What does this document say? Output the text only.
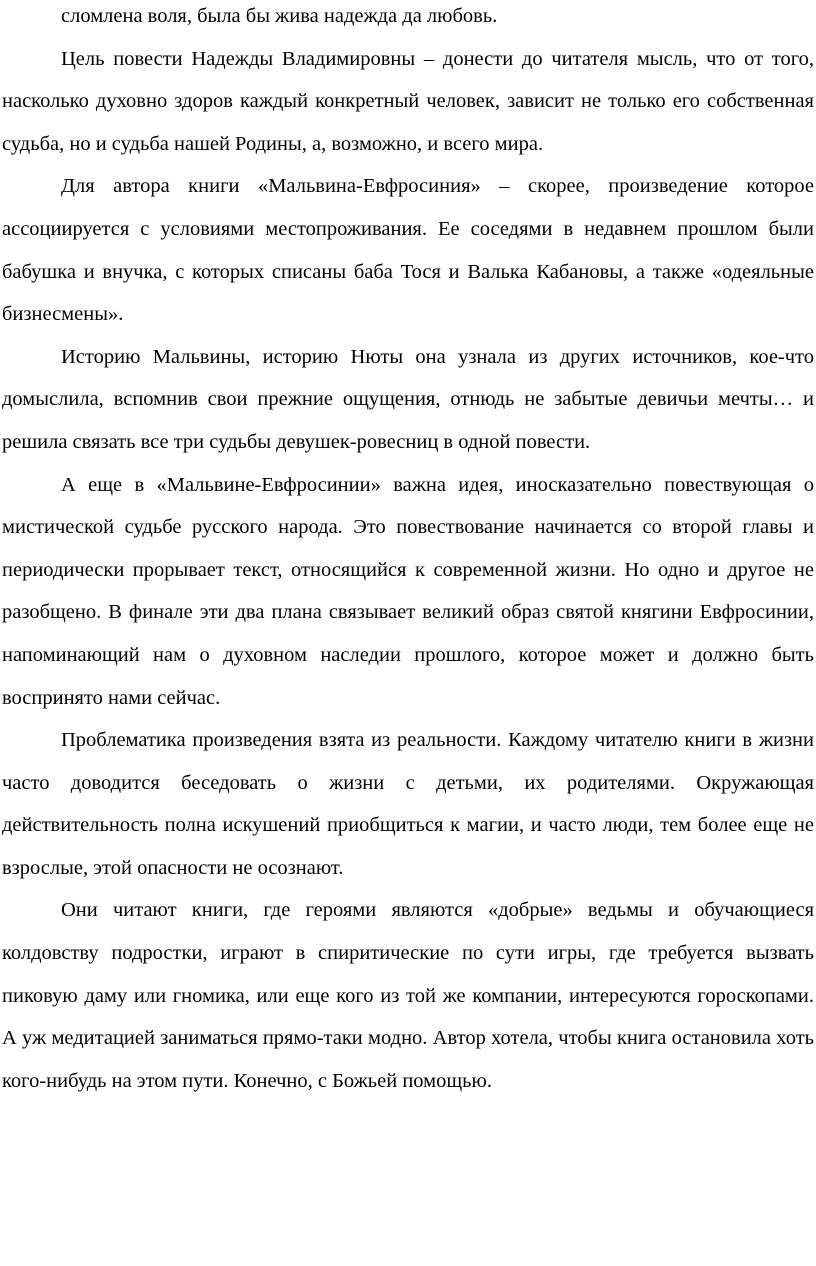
сломлена воля, была бы жива надежда да любовь.

Цель повести Надежды Владимировны – донести до читателя мысль, что от того, насколько духовно здоров каждый конкретный человек, зависит не только его собственная судьба, но и судьба нашей Родины, а, возможно, и всего мира.

Для автора книги «Мальвина-Евфросиния» – скорее, произведение которое ассоциируется с условиями местопроживания. Ее соседями в недавнем прошлом были бабушка и внучка, с которых списаны баба Тося и Валька Кабановы, а также «одеяльные бизнесмены».

Историю Мальвины, историю Нюты она узнала из других источников, кое-что домыслила, вспомнив свои прежние ощущения, отнюдь не забытые девичьи мечты… и решила связать все три судьбы девушек-ровесниц в одной повести.

А еще в «Мальвине-Евфросинии» важна идея, иносказательно повествующая о мистической судьбе русского народа. Это повествование начинается со второй главы и периодически прорывает текст, относящийся к современной жизни. Но одно и другое не разобщено. В финале эти два плана связывает великий образ святой княгини Евфросинии, напоминающий нам о духовном наследии прошлого, которое может и должно быть воспринято нами сейчас.

Проблематика произведения взята из реальности. Каждому читателю книги в жизни часто доводится беседовать о жизни с детьми, их родителями. Окружающая действительность полна искушений приобщиться к магии, и часто люди, тем более еще не взрослые, этой опасности не осознают.

Они читают книги, где героями являются «добрые» ведьмы и обучающиеся колдовству подростки, играют в спиритические по сути игры, где требуется вызвать пиковую даму или гномика, или еще кого из той же компании, интересуются гороскопами. А уж медитацией заниматься прямо-таки модно. Автор хотела, чтобы книга остановила хоть кого-нибудь на этом пути. Конечно, с Божьей помощью.
